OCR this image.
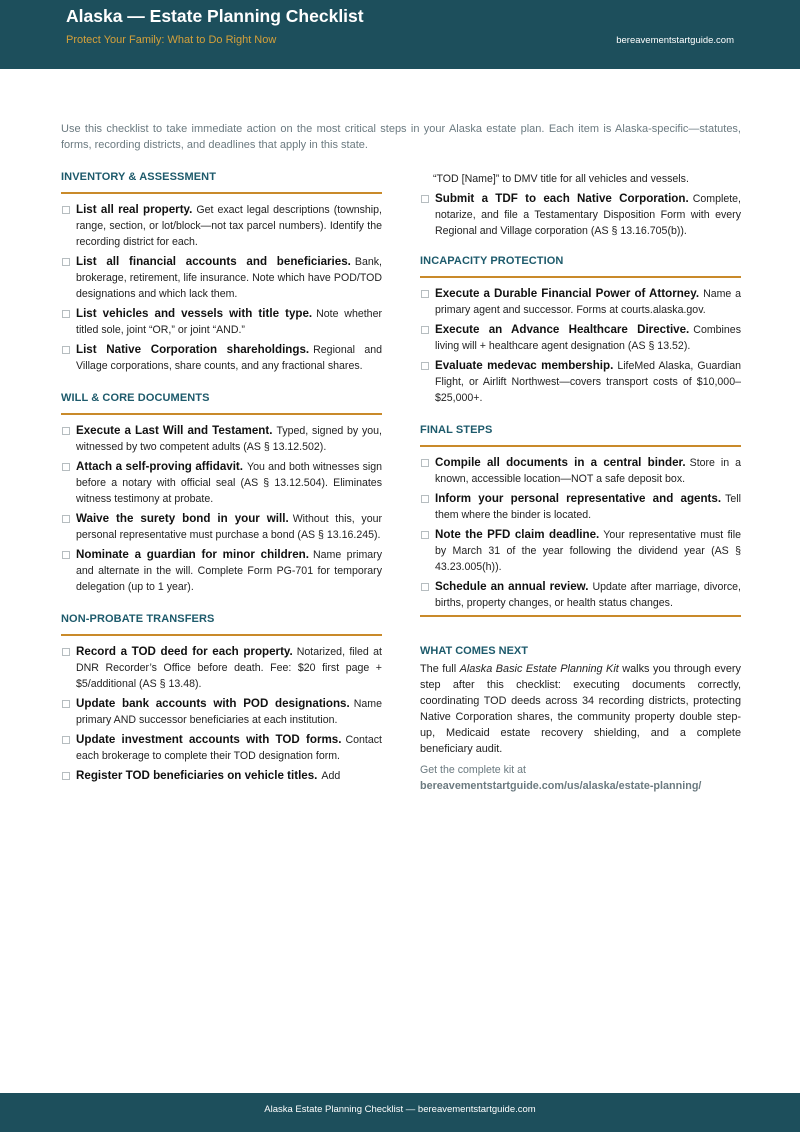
Alaska — Estate Planning Checklist
Protect Your Family: What to Do Right Now	bereavementstartguide.com
Use this checklist to take immediate action on the most critical steps in your Alaska estate plan. Each item is Alaska-specific—statutes, forms, recording districts, and deadlines that apply in this state.
INVENTORY & ASSESSMENT
List all real property. Get exact legal descriptions (township, range, section, or lot/block—not tax parcel numbers). Identify the recording district for each.
List all financial accounts and beneficiaries. Bank, brokerage, retirement, life insurance. Note which have POD/TOD designations and which lack them.
List vehicles and vessels with title type. Note whether titled sole, joint “OR,” or joint “AND.”
List Native Corporation shareholdings. Regional and Village corporations, share counts, and any fractional shares.
WILL & CORE DOCUMENTS
Execute a Last Will and Testament. Typed, signed by you, witnessed by two competent adults (AS § 13.12.502).
Attach a self-proving affidavit. You and both witnesses sign before a notary with official seal (AS § 13.12.504). Eliminates witness testimony at probate.
Waive the surety bond in your will. Without this, your personal representative must purchase a bond (AS § 13.16.245).
Nominate a guardian for minor children. Name primary and alternate in the will. Complete Form PG-701 for temporary delegation (up to 1 year).
NON-PROBATE TRANSFERS
Record a TOD deed for each property. Notarized, filed at DNR Recorder’s Office before death. Fee: $20 first page + $5/additional (AS § 13.48).
Update bank accounts with POD designations. Name primary AND successor beneficiaries at each institution.
Update investment accounts with TOD forms. Contact each brokerage to complete their TOD designation form.
Register TOD beneficiaries on vehicle titles. Add
“TOD [Name]” to DMV title for all vehicles and vessels.
Submit a TDF to each Native Corporation. Complete, notarize, and file a Testamentary Disposition Form with every Regional and Village corporation (AS § 13.16.705(b)).
INCAPACITY PROTECTION
Execute a Durable Financial Power of Attorney. Name a primary agent and successor. Forms at courts.alaska.gov.
Execute an Advance Healthcare Directive. Combines living will + healthcare agent designation (AS § 13.52).
Evaluate medevac membership. LifeMed Alaska, Guardian Flight, or Airlift Northwest—covers transport costs of $10,000–$25,000+.
FINAL STEPS
Compile all documents in a central binder. Store in a known, accessible location—NOT a safe deposit box.
Inform your personal representative and agents. Tell them where the binder is located.
Note the PFD claim deadline. Your representative must file by March 31 of the year following the dividend year (AS § 43.23.005(h)).
Schedule an annual review. Update after marriage, divorce, births, property changes, or health status changes.
WHAT COMES NEXT
The full Alaska Basic Estate Planning Kit walks you through every step after this checklist: executing documents correctly, coordinating TOD deeds across 34 recording districts, protecting Native Corporation shares, the community property double step-up, Medicaid estate recovery shielding, and a complete beneficiary audit.
Get the complete kit at
bereavementstartguide.com/us/alaska/estate-planning/
Alaska Estate Planning Checklist — bereavementstartguide.com
